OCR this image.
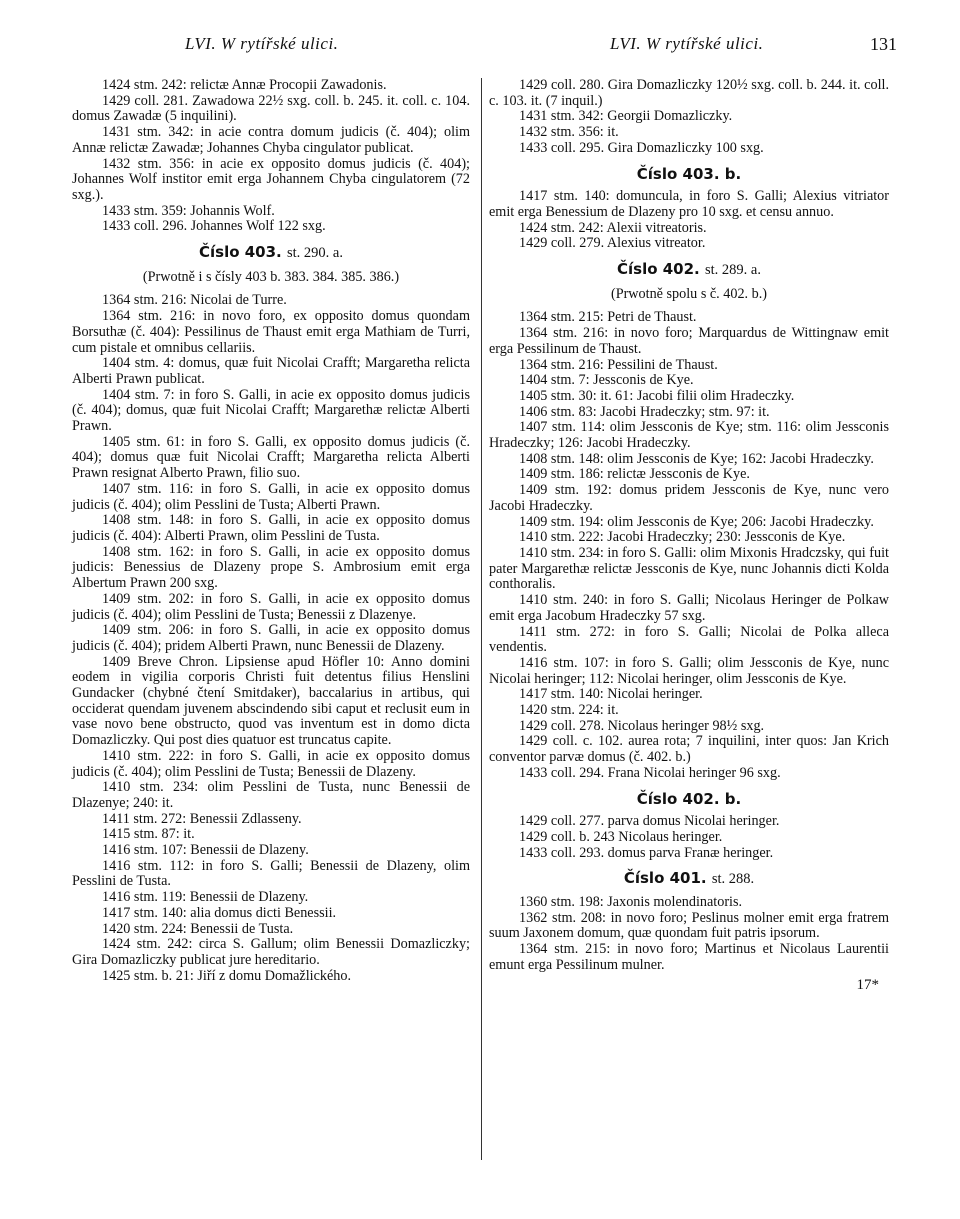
LVI. W rytířské ulici.	LVI. W rytířské ulici.	131

1424 stm. 242: relictæ Annæ Procopii Zawadonis.

1429 coll. 281. Zawadowa 22½ sxg. coll. b. 245. it. coll. c. 104. domus Zawadæ (5 inquilini).

1431 stm. 342: in acie contra domum judicis (č. 404); olim Annæ relictæ Zawadæ; Johannes Chyba cingulator publicat.

1432 stm. 356: in acie ex opposito domus judicis (č. 404); Johannes Wolf institor emit erga Johannem Chyba cingulatorem (72 sxg.).

1433 stm. 359: Johannis Wolf.

1433 coll. 296. Johannes Wolf 122 sxg.

Číslo 403. st. 290. a.
(Prwotně i s čísly 403 b. 383. 384. 385. 386.)

1364 stm. 216: Nicolai de Turre.

1364 stm. 216: in novo foro, ex opposito domus quondam Borsuthæ (č. 404): Pessilinus de Thaust emit erga Mathiam de Turri, cum pistale et omnibus cellariis.

1404 stm. 4: domus, quæ fuit Nicolai Crafft; Margaretha relicta Alberti Prawn publicat.

1404 stm. 7: in foro S. Galli, in acie ex opposito domus judicis (č. 404); domus, quæ fuit Nicolai Crafft; Margarethæ relictæ Alberti Prawn.

1405 stm. 61: in foro S. Galli, ex opposito domus judicis (č. 404); domus quæ fuit Nicolai Crafft; Margaretha relicta Alberti Prawn resignat Alberto Prawn, filio suo.

1407 stm. 116: in foro S. Galli, in acie ex opposito domus judicis (č. 404); olim Pesslini de Tusta; Alberti Prawn.

1408 stm. 148: in foro S. Galli, in acie ex opposito domus judicis (č. 404): Alberti Prawn, olim Pesslini de Tusta.

1408 stm. 162: in foro S. Galli, in acie ex opposito domus judicis: Benessius de Dlazeny prope S. Ambrosium emit erga Albertum Prawn 200 sxg.

1409 stm. 202: in foro S. Galli, in acie ex opposito domus judicis (č. 404); olim Pesslini de Tusta; Benessii z Dlazenye.

1409 stm. 206: in foro S. Galli, in acie ex opposito domus judicis (č. 404); pridem Alberti Prawn, nunc Benessii de Dlazeny.

1409 Breve Chron. Lipsiense apud Höfler 10: Anno domini eodem in vigilia corporis Christi fuit detentus filius Henslini Gundacker (chybné čtení Smitdaker), baccalarius in artibus, qui occiderat quendam juvenem abscindendo sibi caput et reclusit eum in vase novo bene obstructo, quod vas inventum est in domo dicta Domazliczky. Qui post dies quatuor est truncatus capite.

1410 stm. 222: in foro S. Galli, in acie ex opposito domus judicis (č. 404); olim Pesslini de Tusta; Benessii de Dlazeny.

1410 stm. 234: olim Pesslini de Tusta, nunc Benessii de Dlazenye; 240: it.

1411 stm. 272: Benessii Zdlasseny.

1415 stm. 87: it.

1416 stm. 107: Benessii de Dlazeny.

1416 stm. 112: in foro S. Galli; Benessii de Dlazeny, olim Pesslini de Tusta.

1416 stm. 119: Benessii de Dlazeny.

1417 stm. 140: alia domus dicti Benessii.

1420 stm. 224: Benessii de Tusta.

1424 stm. 242: circa S. Gallum; olim Benessii Domazliczky; Gira Domazliczky publicat jure hereditario.

1425 stm. b. 21: Jiří z domu Domažlického.

1429 coll. 280. Gira Domazliczky 120½ sxg. coll. b. 244. it. coll. c. 103. it. (7 inquil.)

1431 stm. 342: Georgii Domazliczky.

1432 stm. 356: it.

1433 coll. 295. Gira Domazliczky 100 sxg.

Číslo 403. b.

1417 stm. 140: domuncula, in foro S. Galli; Alexius vitriator emit erga Benessium de Dlazeny pro 10 sxg. et censu annuo.

1424 stm. 242: Alexii vitreatoris.

1429 coll. 279. Alexius vitreator.

Číslo 402. st. 289. a.
(Prwotně spolu s č. 402. b.)

1364 stm. 215: Petri de Thaust.

1364 stm. 216: in novo foro; Marquardus de Wittingnaw emit erga Pessilinum de Thaust.

1364 stm. 216: Pessilini de Thaust.

1404 stm. 7: Jessconis de Kye.

1405 stm. 30: it. 61: Jacobi filii olim Hradeczky.

1406 stm. 83: Jacobi Hradeczky; stm. 97: it.

1407 stm. 114: olim Jessconis de Kye; stm. 116: olim Jessconis Hradeczky; 126: Jacobi Hradeczky.

1408 stm. 148: olim Jessconis de Kye; 162: Jacobi Hradeczky.

1409 stm. 186: relictæ Jessconis de Kye.

1409 stm. 192: domus pridem Jessconis de Kye, nunc vero Jacobi Hradeczky.

1409 stm. 194: olim Jessconis de Kye; 206: Jacobi Hradeczky.

1410 stm. 222: Jacobi Hradeczky; 230: Jessconis de Kye.

1410 stm. 234: in foro S. Galli: olim Mixonis Hradczsky, qui fuit pater Margarethæ relictæ Jessconis de Kye, nunc Johannis dicti Kolda conthoralis.

1410 stm. 240: in foro S. Galli; Nicolaus Heringer de Polkaw emit erga Jacobum Hradeczky 57 sxg.

1411 stm. 272: in foro S. Galli; Nicolai de Polka alleca vendentis.

1416 stm. 107: in foro S. Galli; olim Jessconis de Kye, nunc Nicolai heringer; 112: Nicolai heringer, olim Jessconis de Kye.

1417 stm. 140: Nicolai heringer.

1420 stm. 224: it.

1429 coll. 278. Nicolaus heringer 98½ sxg.

1429 coll. c. 102. aurea rota; 7 inquilini, inter quos: Jan Krich conventor parvæ domus (č. 402. b.)

1433 coll. 294. Frana Nicolai heringer 96 sxg.

Číslo 402. b.

1429 coll. 277. parva domus Nicolai heringer.

1429 coll. b. 243 Nicolaus heringer.

1433 coll. 293. domus parva Franæ heringer.

Číslo 401. st. 288.

1360 stm. 198: Jaxonis molendinatoris.

1362 stm. 208: in novo foro; Peslinus molner emit erga fratrem suum Jaxonem domum, quæ quondam fuit patris ipsorum.

1364 stm. 215: in novo foro; Martinus et Nicolaus Laurentii emunt erga Pessilinum mulner.

17*
